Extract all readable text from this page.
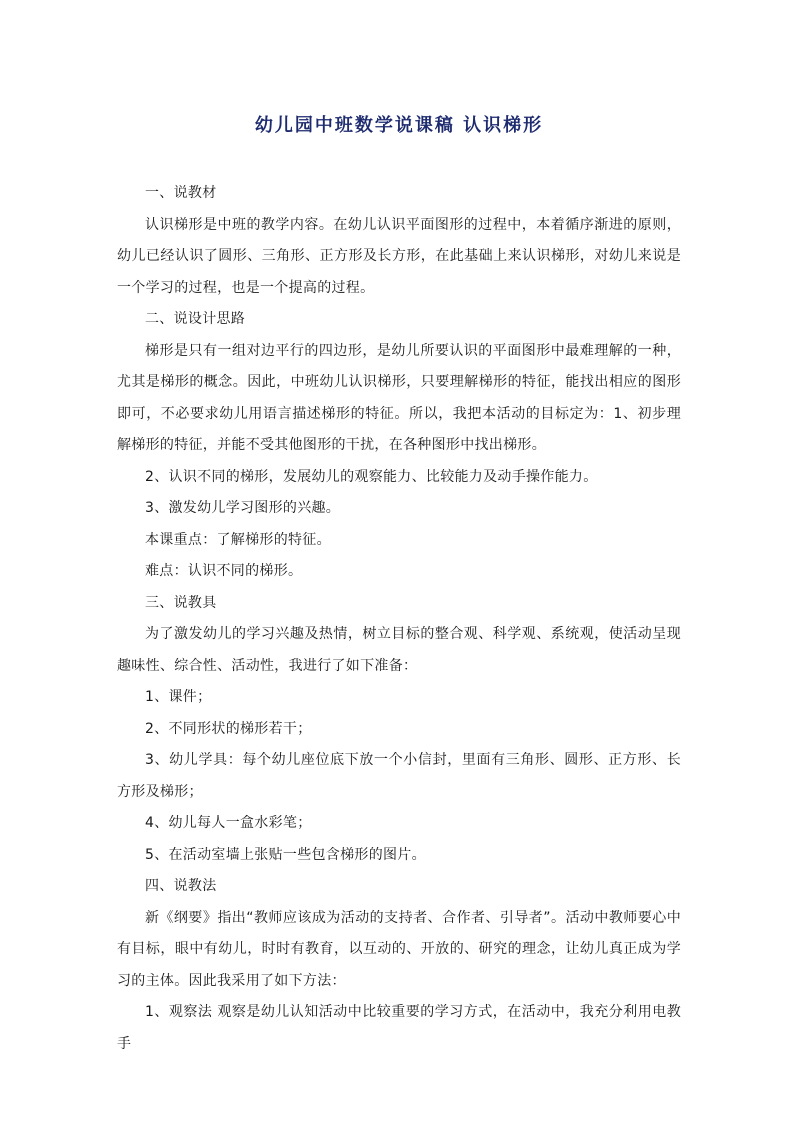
幼儿园中班数学说课稿 认识梯形

一、说教材

认识梯形是中班的教学内容。在幼儿认识平面图形的过程中，本着循序渐进的原则，幼儿已经认识了圆形、三角形、正方形及长方形，在此基础上来认识梯形，对幼儿来说是一个学习的过程，也是一个提高的过程。

二、说设计思路

梯形是只有一组对边平行的四边形，是幼儿所要认识的平面图形中最难理解的一种，尤其是梯形的概念。因此，中班幼儿认识梯形，只要理解梯形的特征，能找出相应的图形即可，不必要求幼儿用语言描述梯形的特征。所以，我把本活动的目标定为：1、初步理解梯形的特征，并能不受其他图形的干扰，在各种图形中找出梯形。

2、认识不同的梯形，发展幼儿的观察能力、比较能力及动手操作能力。

3、激发幼儿学习图形的兴趣。

本课重点：了解梯形的特征。

难点：认识不同的梯形。

三、说教具

为了激发幼儿的学习兴趣及热情，树立目标的整合观、科学观、系统观，使活动呈现趣味性、综合性、活动性，我进行了如下准备：

1、课件；

2、不同形状的梯形若干；

3、幼儿学具：每个幼儿座位底下放一个小信封，里面有三角形、圆形、正方形、长方形及梯形；

4、幼儿每人一盒水彩笔；

5、在活动室墙上张贴一些包含梯形的图片。

四、说教法

新《纲要》指出“教师应该成为活动的支持者、合作者、引导者”。活动中教师要心中有目标，眼中有幼儿，时时有教育，以互动的、开放的、研究的理念，让幼儿真正成为学习的主体。因此我采用了如下方法：

1、观察法 观察是幼儿认知活动中比较重要的学习方式，在活动中，我充分利用电教手
